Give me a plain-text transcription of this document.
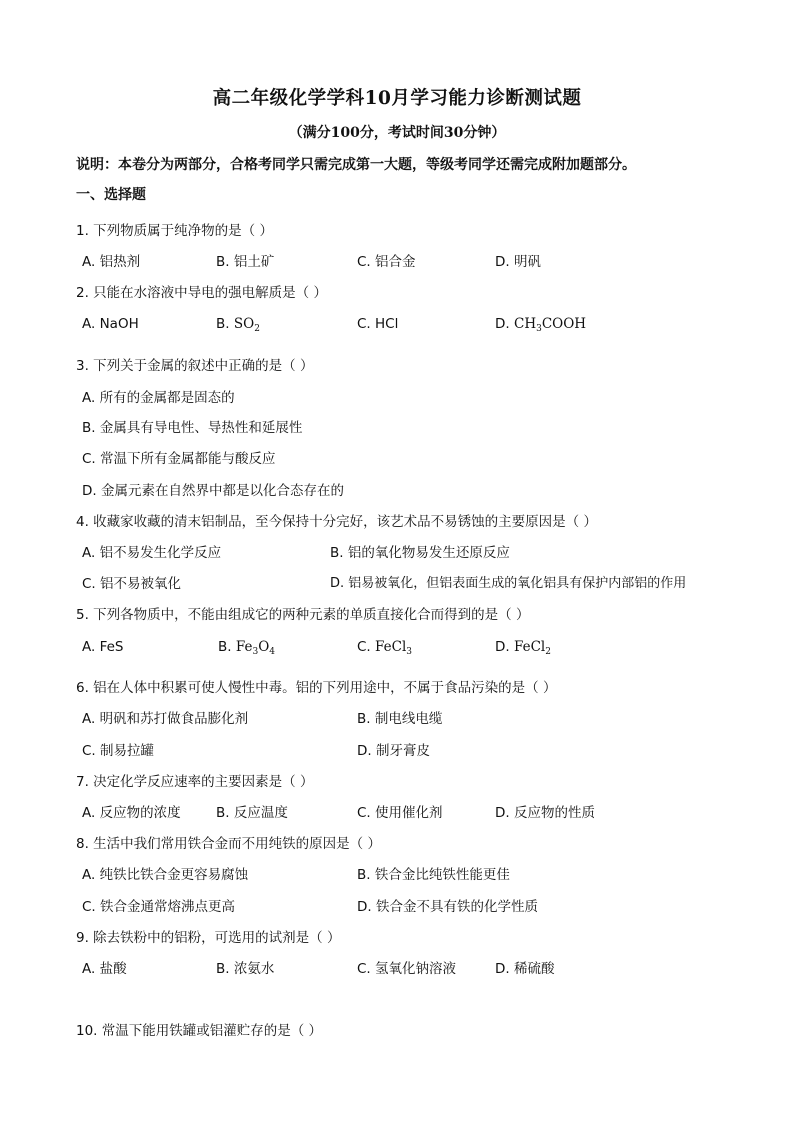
高二年级化学学科10月学习能力诊断测试题
（满分100分，考试时间30分钟）
说明：本卷分为两部分，合格考同学只需完成第一大题，等级考同学还需完成附加题部分。
一、选择题
1. 下列物质属于纯净物的是（ ）
A. 铝热剂	B. 铝土矿	C. 铝合金	D. 明矾
2. 只能在水溶液中导电的强电解质是（ ）
A. NaOH	B. $SO_2$	C. HCl	D. $CH_3COOH$
3. 下列关于金属的叙述中正确的是（ ）
A. 所有的金属都是固态的
B. 金属具有导电性、导热性和延展性
C. 常温下所有金属都能与酸反应
D. 金属元素在自然界中都是以化合态存在的
4. 收藏家收藏的清末铝制品，至今保持十分完好，该艺术品不易锈蚀的主要原因是（ ）
A. 铝不易发生化学反应	B. 铝的氧化物易发生还原反应
C. 铝不易被氧化	D. 铝易被氧化，但铝表面生成的氧化铝具有保护内部铝的作用
5. 下列各物质中，不能由组成它的两种元素的单质直接化合而得到的是（ ）
A. FeS	B. $Fe_3O_4$	C. FeCl$_3$	D. FeCl$_2$
6. 铝在人体中积累可使人慢性中毒。铝的下列用途中，不属于食品污染的是（ ）
A. 明矾和苏打做食品膨化剂	B. 制电线电缆
C. 制易拉罐	D. 制牙膏皮
7. 决定化学反应速率的主要因素是（ ）
A. 反应物的浓度	B. 反应温度	C. 使用催化剂	D. 反应物的性质
8. 生活中我们常用铁合金而不用纯铁的原因是（ ）
A. 纯铁比铁合金更容易腐蚀	B. 铁合金比纯铁性能更佳
C. 铁合金通常熔沸点更高	D. 铁合金不具有铁的化学性质
9. 除去铁粉中的铝粉，可选用的试剂是（ ）
A. 盐酸	B. 浓氨水	C. 氢氧化钠溶液	D. 稀硫酸
10. 常温下能用铁罐或铝灌贮存的是（ ）
